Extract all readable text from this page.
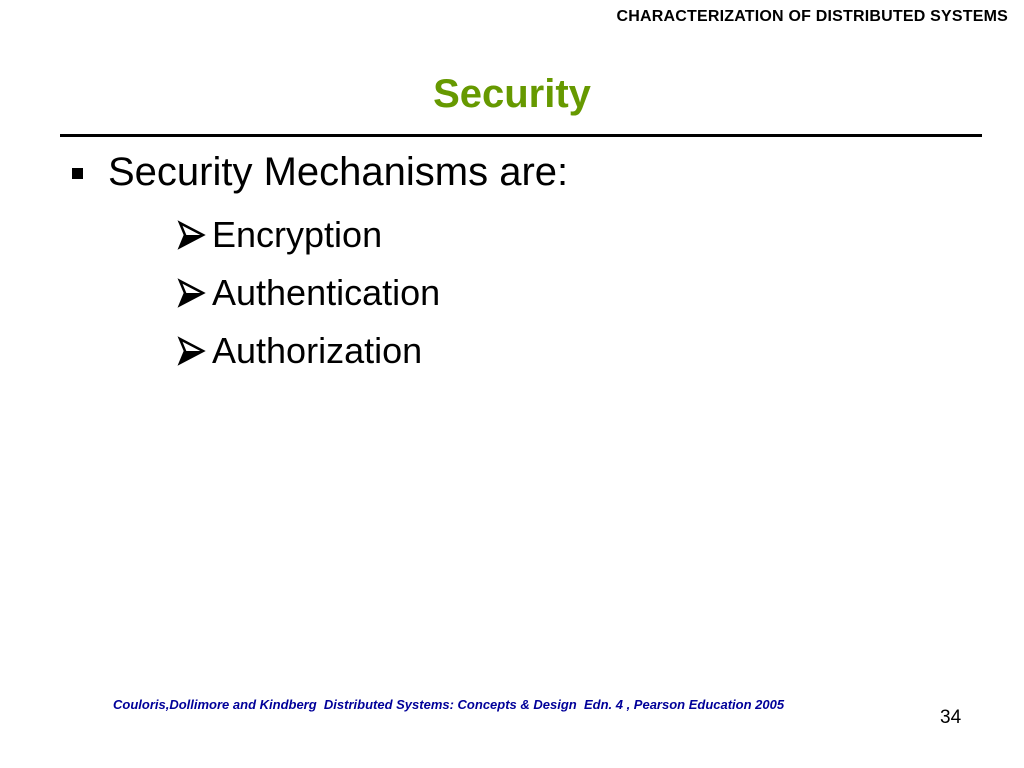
CHARACTERIZATION OF DISTRIBUTED SYSTEMS
Security
Security Mechanisms are:
Encryption
Authentication
Authorization
Couloris,Dollimore and Kindberg  Distributed Systems: Concepts & Design  Edn. 4 , Pearson Education 2005
34
